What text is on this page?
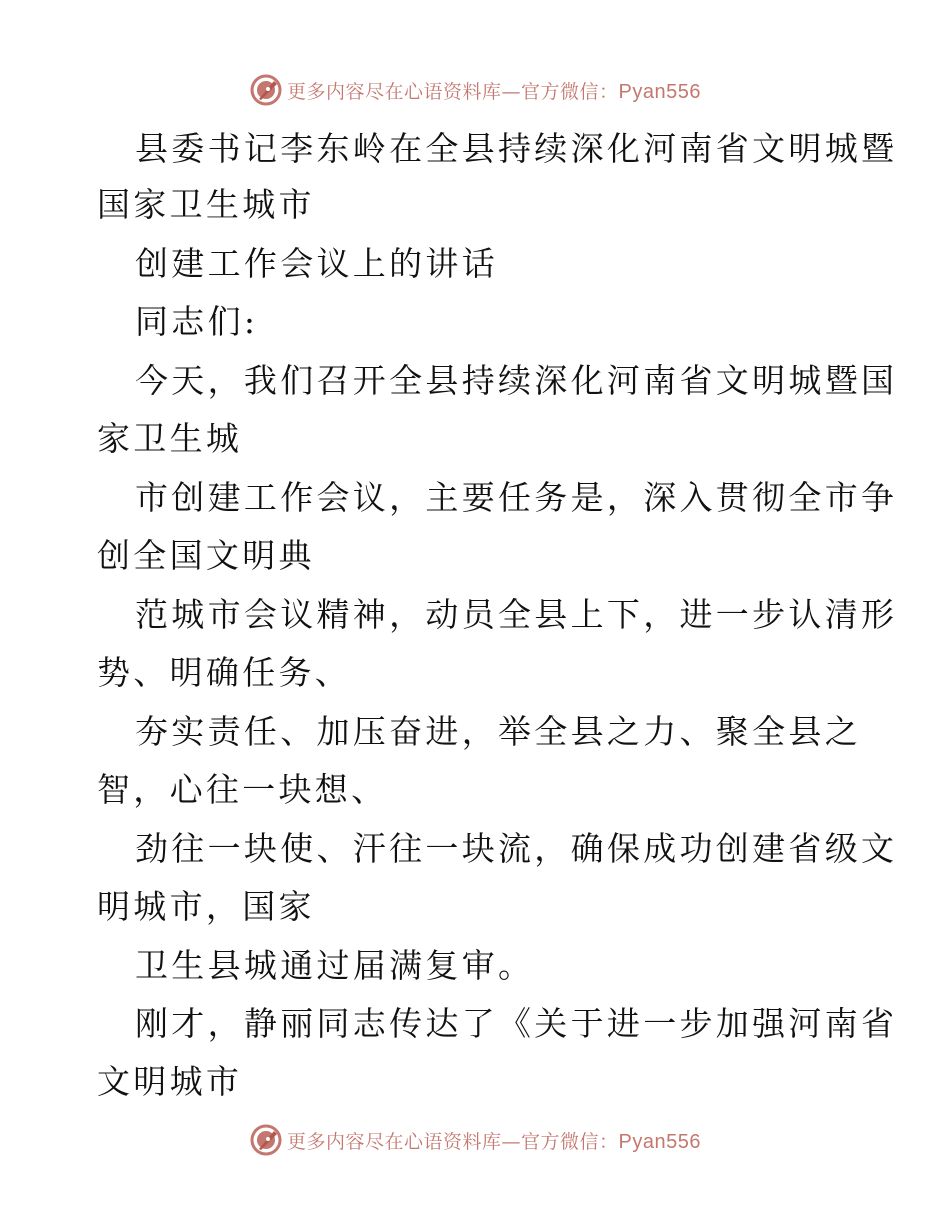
更多内容尽在心语资料库—官方微信：Pyan556
县委书记李东岭在全县持续深化河南省文明城暨
国家卫生城市
创建工作会议上的讲话
同志们:
今天，我们召开全县持续深化河南省文明城暨国
家卫生城
市创建工作会议，主要任务是，深入贯彻全市争
创全国文明典
范城市会议精神，动员全县上下，进一步认清形
势、明确任务、
夯实责任、加压奋进，举全县之力、聚全县之
智，心往一块想、
劲往一块使、汗往一块流，确保成功创建省级文
明城市，国家
卫生县城通过届满复审。
刚才，静丽同志传达了《关于进一步加强河南省
文明城市
更多内容尽在心语资料库—官方微信：Pyan556
